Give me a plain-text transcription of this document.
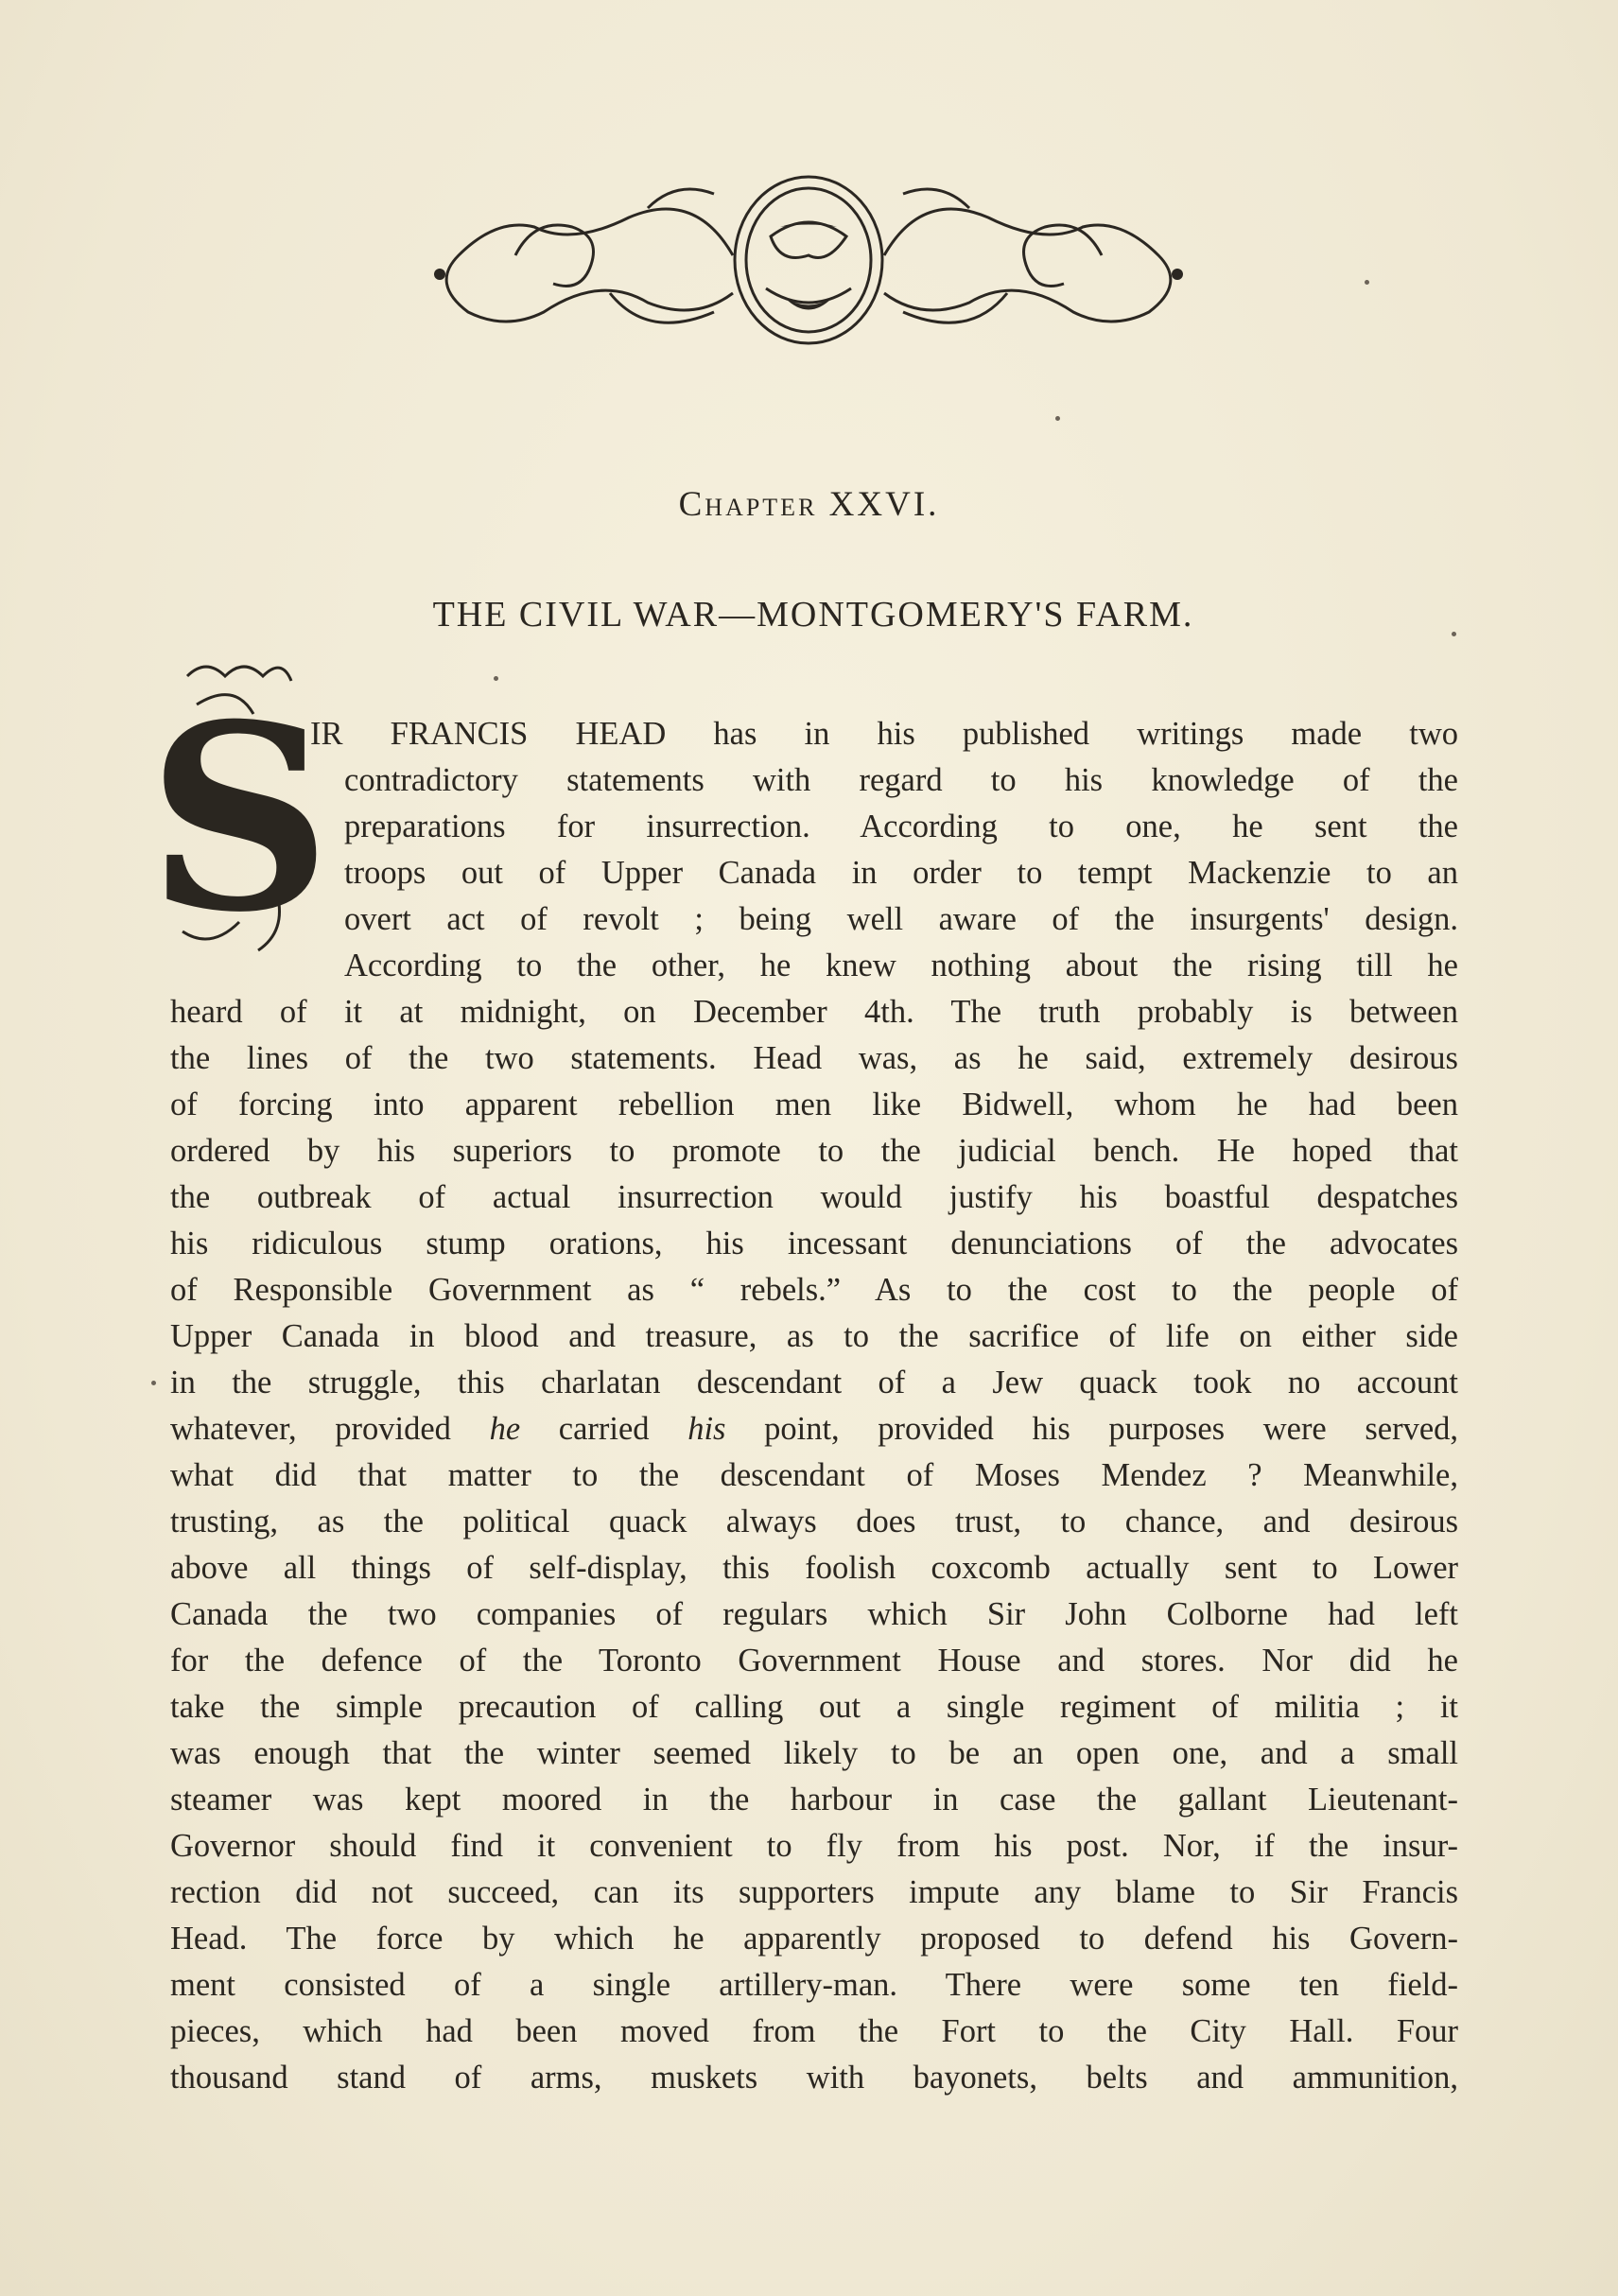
Chapter XXVI.
THE CIVIL WAR—MONTGOMERY'S FARM.
S
IR FRANCIS HEAD has in his published writings made two
contradictory statements with regard to his knowledge of the
preparations for insurrection. According to one, he sent the
troops out of Upper Canada in order to tempt Mackenzie to an
overt act of revolt ; being well aware of the insurgents' design.
According to the other, he knew nothing about the rising till he
heard of it at midnight, on December 4th. The truth probably is between
the lines of the two statements. Head was, as he said, extremely desirous
of forcing into apparent rebellion men like Bidwell, whom he had been
ordered by his superiors to promote to the judicial bench. He hoped that
the outbreak of actual insurrection would justify his boastful despatches
his ridiculous stump orations, his incessant denunciations of the advocates
of Responsible Government as “ rebels.” As to the cost to the people of
Upper Canada in blood and treasure, as to the sacrifice of life on either side
in the struggle, this charlatan descendant of a Jew quack took no account
whatever, provided he carried his point, provided his purposes were served,
what did that matter to the descendant of Moses Mendez ? Meanwhile,
trusting, as the political quack always does trust, to chance, and desirous
above all things of self-display, this foolish coxcomb actually sent to Lower
Canada the two companies of regulars which Sir John Colborne had left
for the defence of the Toronto Government House and stores. Nor did he
take the simple precaution of calling out a single regiment of militia ; it
was enough that the winter seemed likely to be an open one, and a small
steamer was kept moored in the harbour in case the gallant Lieutenant-
Governor should find it convenient to fly from his post. Nor, if the insur-
rection did not succeed, can its supporters impute any blame to Sir Francis
Head. The force by which he apparently proposed to defend his Govern-
ment consisted of a single artillery-man. There were some ten field-
pieces, which had been moved from the Fort to the City Hall. Four
thousand stand of arms, muskets with bayonets, belts and ammunition,
